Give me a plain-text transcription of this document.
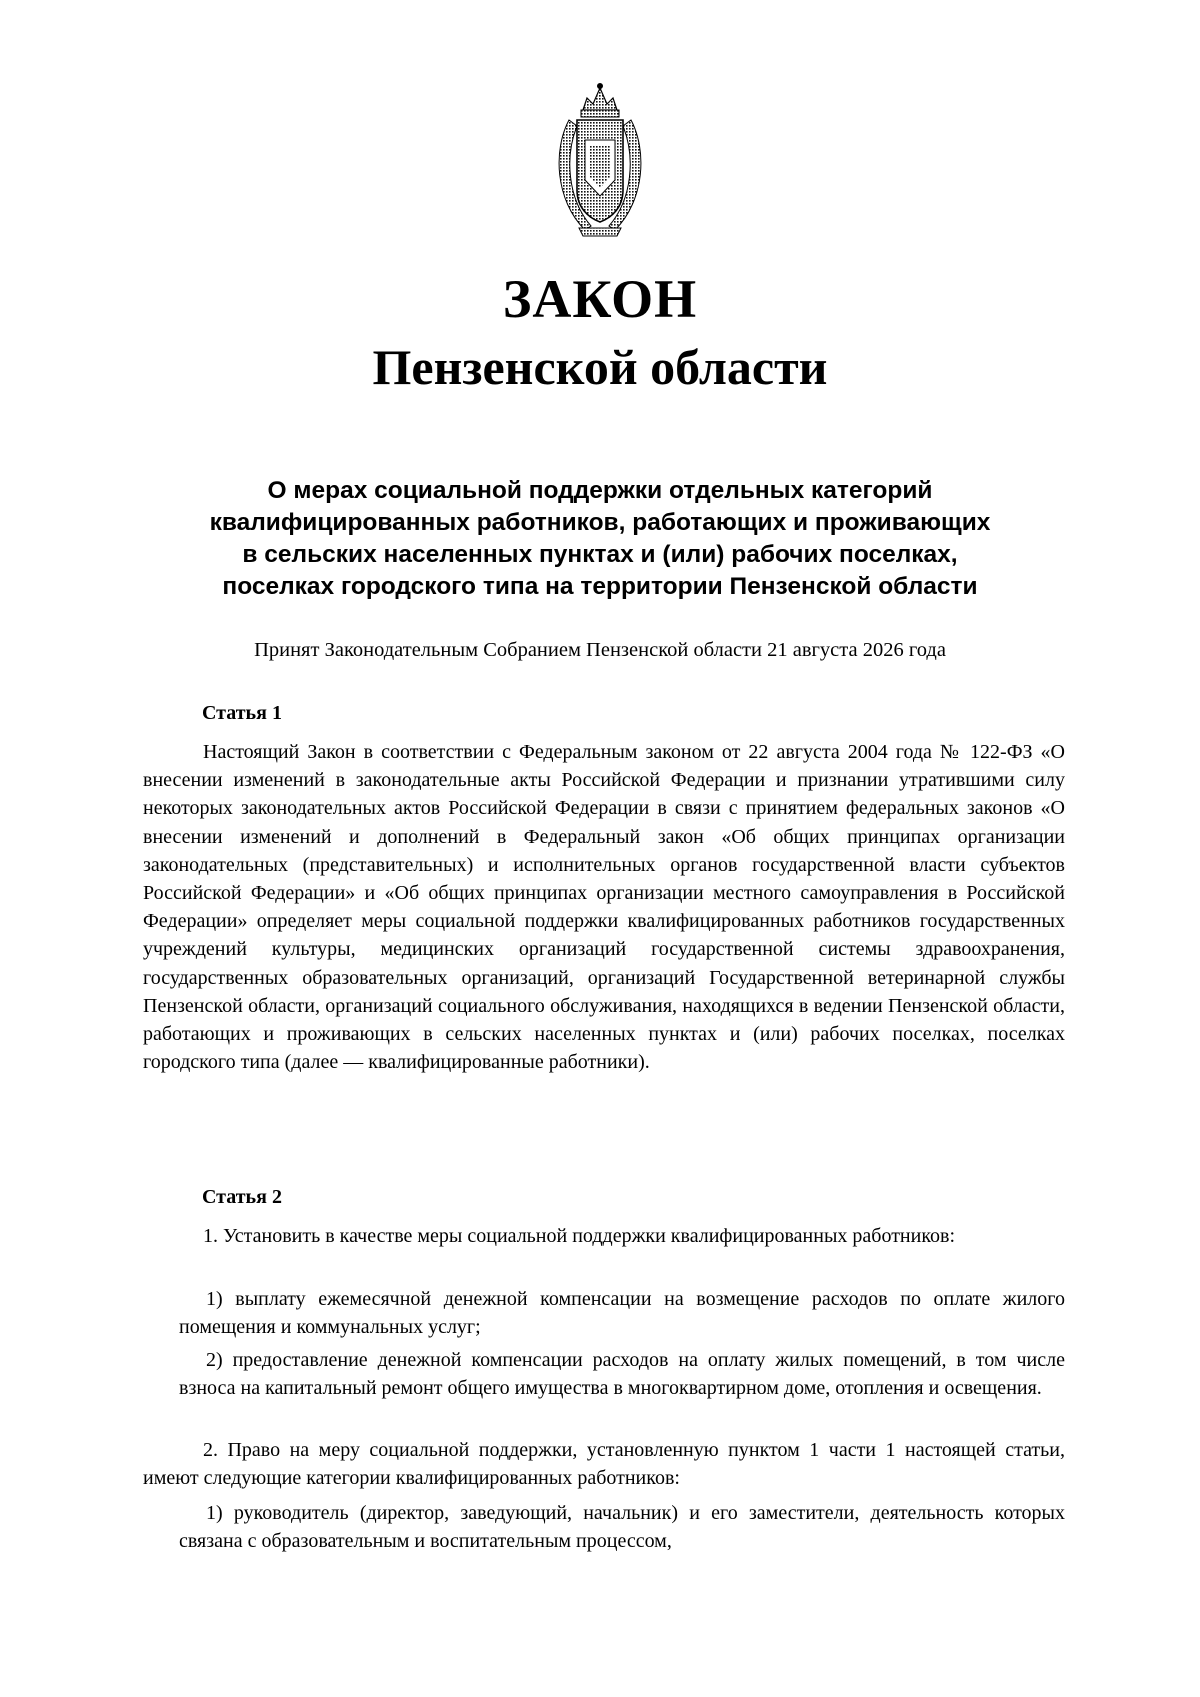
ЗАКОН
Пензенской области
О мерах социальной поддержки отдельных категорий
квалифицированных работников, работающих и проживающих
в сельских населенных пунктах и (или) рабочих поселках,
поселках городского типа на территории Пензенской области

Принят Законодательным Собранием Пензенской области 21 августа 2026 года

Статья 1

Настоящий Закон в соответствии с Федеральным законом от 22 августа 2004 года № 122-ФЗ «О внесении изменений в законодательные акты Российской Федерации и признании утратившими силу некоторых законодательных актов Российской Федерации в связи с принятием федеральных законов «О внесении изменений и дополнений в Федеральный закон «Об общих принципах организации законодательных (представительных) и исполнительных органов государственной власти субъектов Российской Федерации» и «Об общих принципах организации местного самоуправления в Российской Федерации» определяет меры социальной поддержки квалифицированных работников государственных учреждений культуры, медицинских организаций государственной системы здравоохранения, государственных образовательных организаций, организаций Государственной ветеринарной службы Пензенской области, организаций социального обслуживания, находящихся в ведении Пензенской области, работающих и проживающих в сельских населенных пунктах и (или) рабочих поселках, поселках городского типа (далее — квалифицированные работники).

Статья 2

1. Установить в качестве меры социальной поддержки квалифицированных работников:

1) выплату ежемесячной денежной компенсации на возмещение расходов по оплате жилого помещения и коммунальных услуг;

2) предоставление денежной компенсации расходов на оплату жилых помещений, в том числе взноса на капитальный ремонт общего имущества в многоквартирном доме, отопления и освещения.

2. Право на меру социальной поддержки, установленную пунктом 1 части 1 настоящей статьи, имеют следующие категории квалифицированных работников:

1) руководитель (директор, заведующий, начальник) и его заместители, деятельность которых связана с образовательным и воспитательным процессом,
